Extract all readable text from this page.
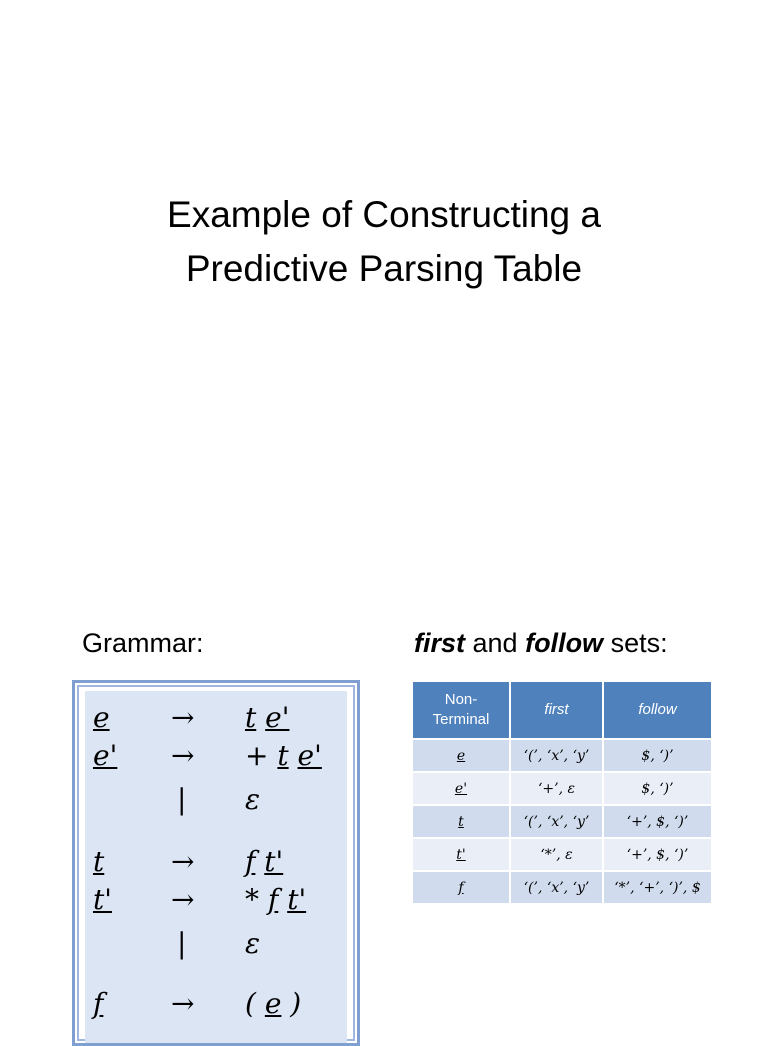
Example of Constructing a
Predictive Parsing Table
Grammar:	first and follow sets:
e → t e'
e' → + t e'
| ε
t → f t'
t' → * f t'
| ε
f → ( e )
Non-Terminal	first	follow
e	‘(’, ‘x’, ‘y’	$, ‘)’
e'	‘+’, ε	$, ‘)’
t	‘(’, ‘x’, ‘y’	‘+’, $, ‘)’
t'	‘*’, ε	‘+’, $, ‘)’
f	‘(’, ‘x’, ‘y’	‘*’, ‘+’, ‘)’, $
